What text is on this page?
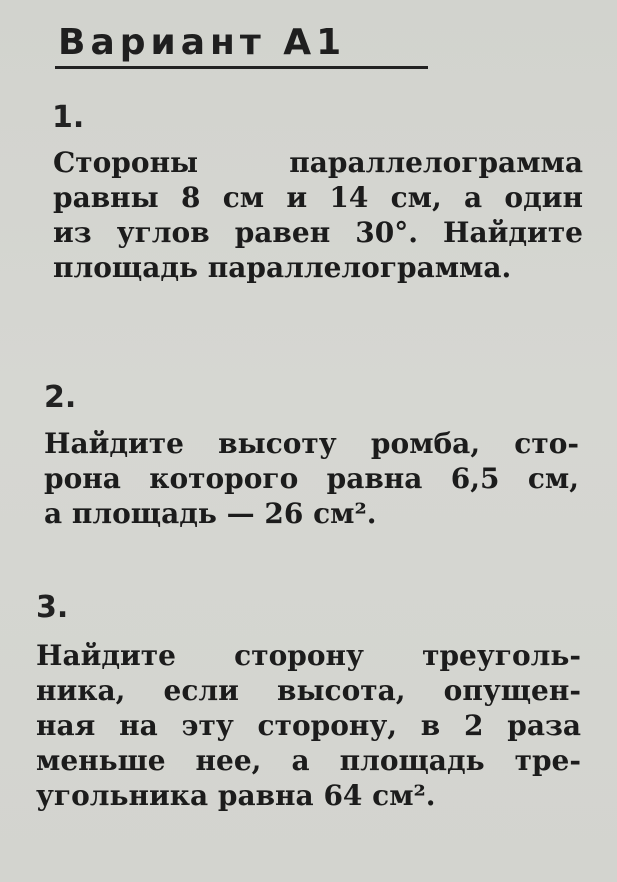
Вариант А1
1.
Стороны параллелограмма
равны 8 см и 14 см, а один
из углов равен 30°. Найдите
площадь параллелограмма.
2.
Найдите высоту ромба, сто-
рона которого равна 6,5 см,
а площадь — 26 см².
3.
Найдите сторону треуголь-
ника, если высота, опущен-
ная на эту сторону, в 2 раза
меньше нее, а площадь тре-
угольника равна 64 см².
